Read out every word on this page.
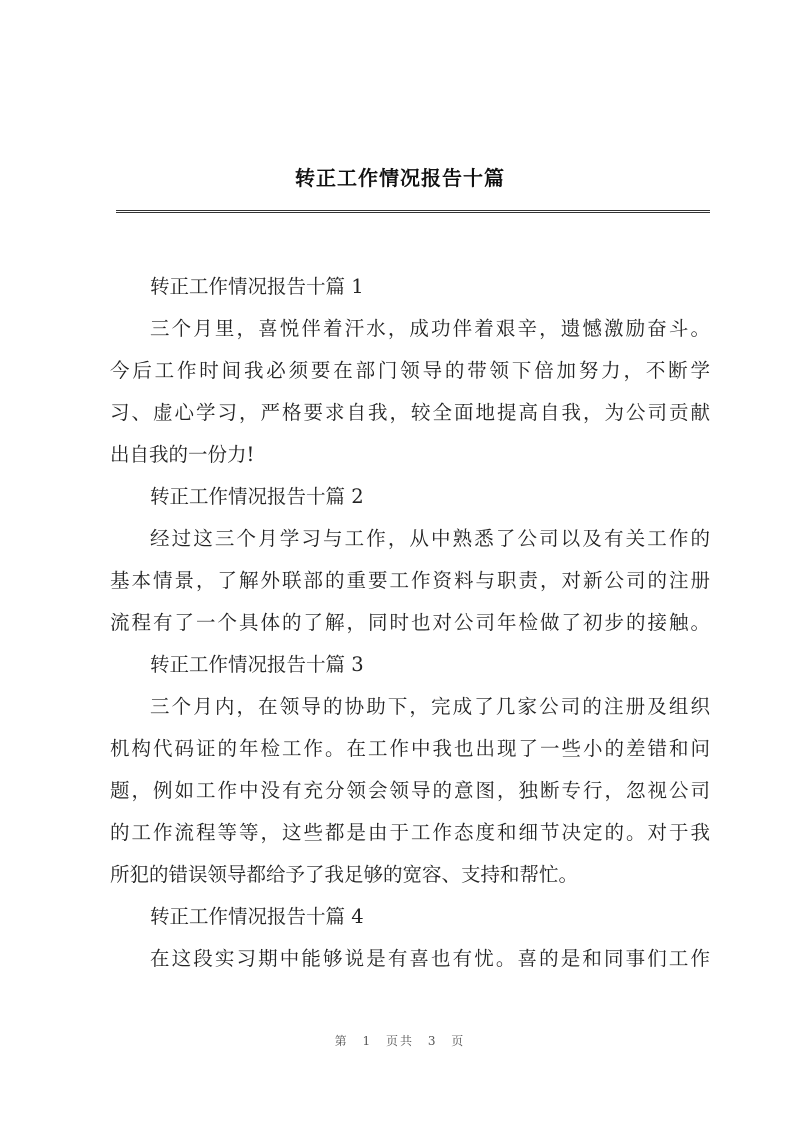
转正工作情况报告十篇
转正工作情况报告十篇 1
三个月里，喜悦伴着汗水，成功伴着艰辛，遗憾激励奋斗。
今后工作时间我必须要在部门领导的带领下倍加努力，不断学
习、虚心学习，严格要求自我，较全面地提高自我，为公司贡献
出自我的一份力!
转正工作情况报告十篇 2
经过这三个月学习与工作，从中熟悉了公司以及有关工作的
基本情景，了解外联部的重要工作资料与职责，对新公司的注册
流程有了一个具体的了解，同时也对公司年检做了初步的接触。
转正工作情况报告十篇 3
三个月内，在领导的协助下，完成了几家公司的注册及组织
机构代码证的年检工作。在工作中我也出现了一些小的差错和问
题，例如工作中没有充分领会领导的意图，独断专行，忽视公司
的工作流程等等，这些都是由于工作态度和细节决定的。对于我
所犯的错误领导都给予了我足够的宽容、支持和帮忙。
转正工作情况报告十篇 4
在这段实习期中能够说是有喜也有忧。喜的是和同事们工作
第 1 页共 3 页
